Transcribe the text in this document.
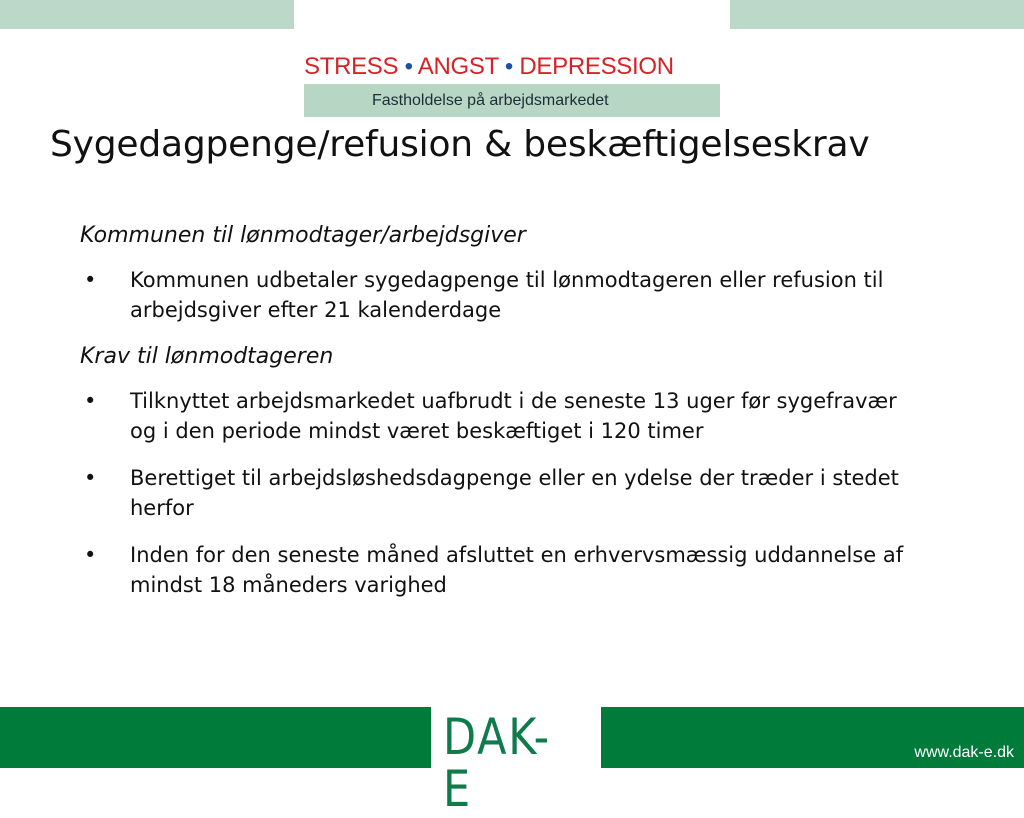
STRESS • ANGST • DEPRESSION
Fastholdelse på arbejdsmarkedet
Sygedagpenge/refusion & beskæftigelseskrav
Kommunen til lønmodtager/arbejdsgiver
• Kommunen udbetaler sygedagpenge til lønmodtageren eller refusion til arbejdsgiver efter 21 kalenderdage
Krav til lønmodtageren
• Tilknyttet arbejdsmarkedet uafbrudt i de seneste 13 uger før sygefravær og i den periode mindst været beskæftiget i 120 timer
• Berettiget til arbejdsløshedsdagpenge eller en ydelse der træder i stedet herfor
• Inden for den seneste måned afsluttet en erhvervsmæssig uddannelse af mindst 18 måneders varighed
DAK-E
www.dak-e.dk
